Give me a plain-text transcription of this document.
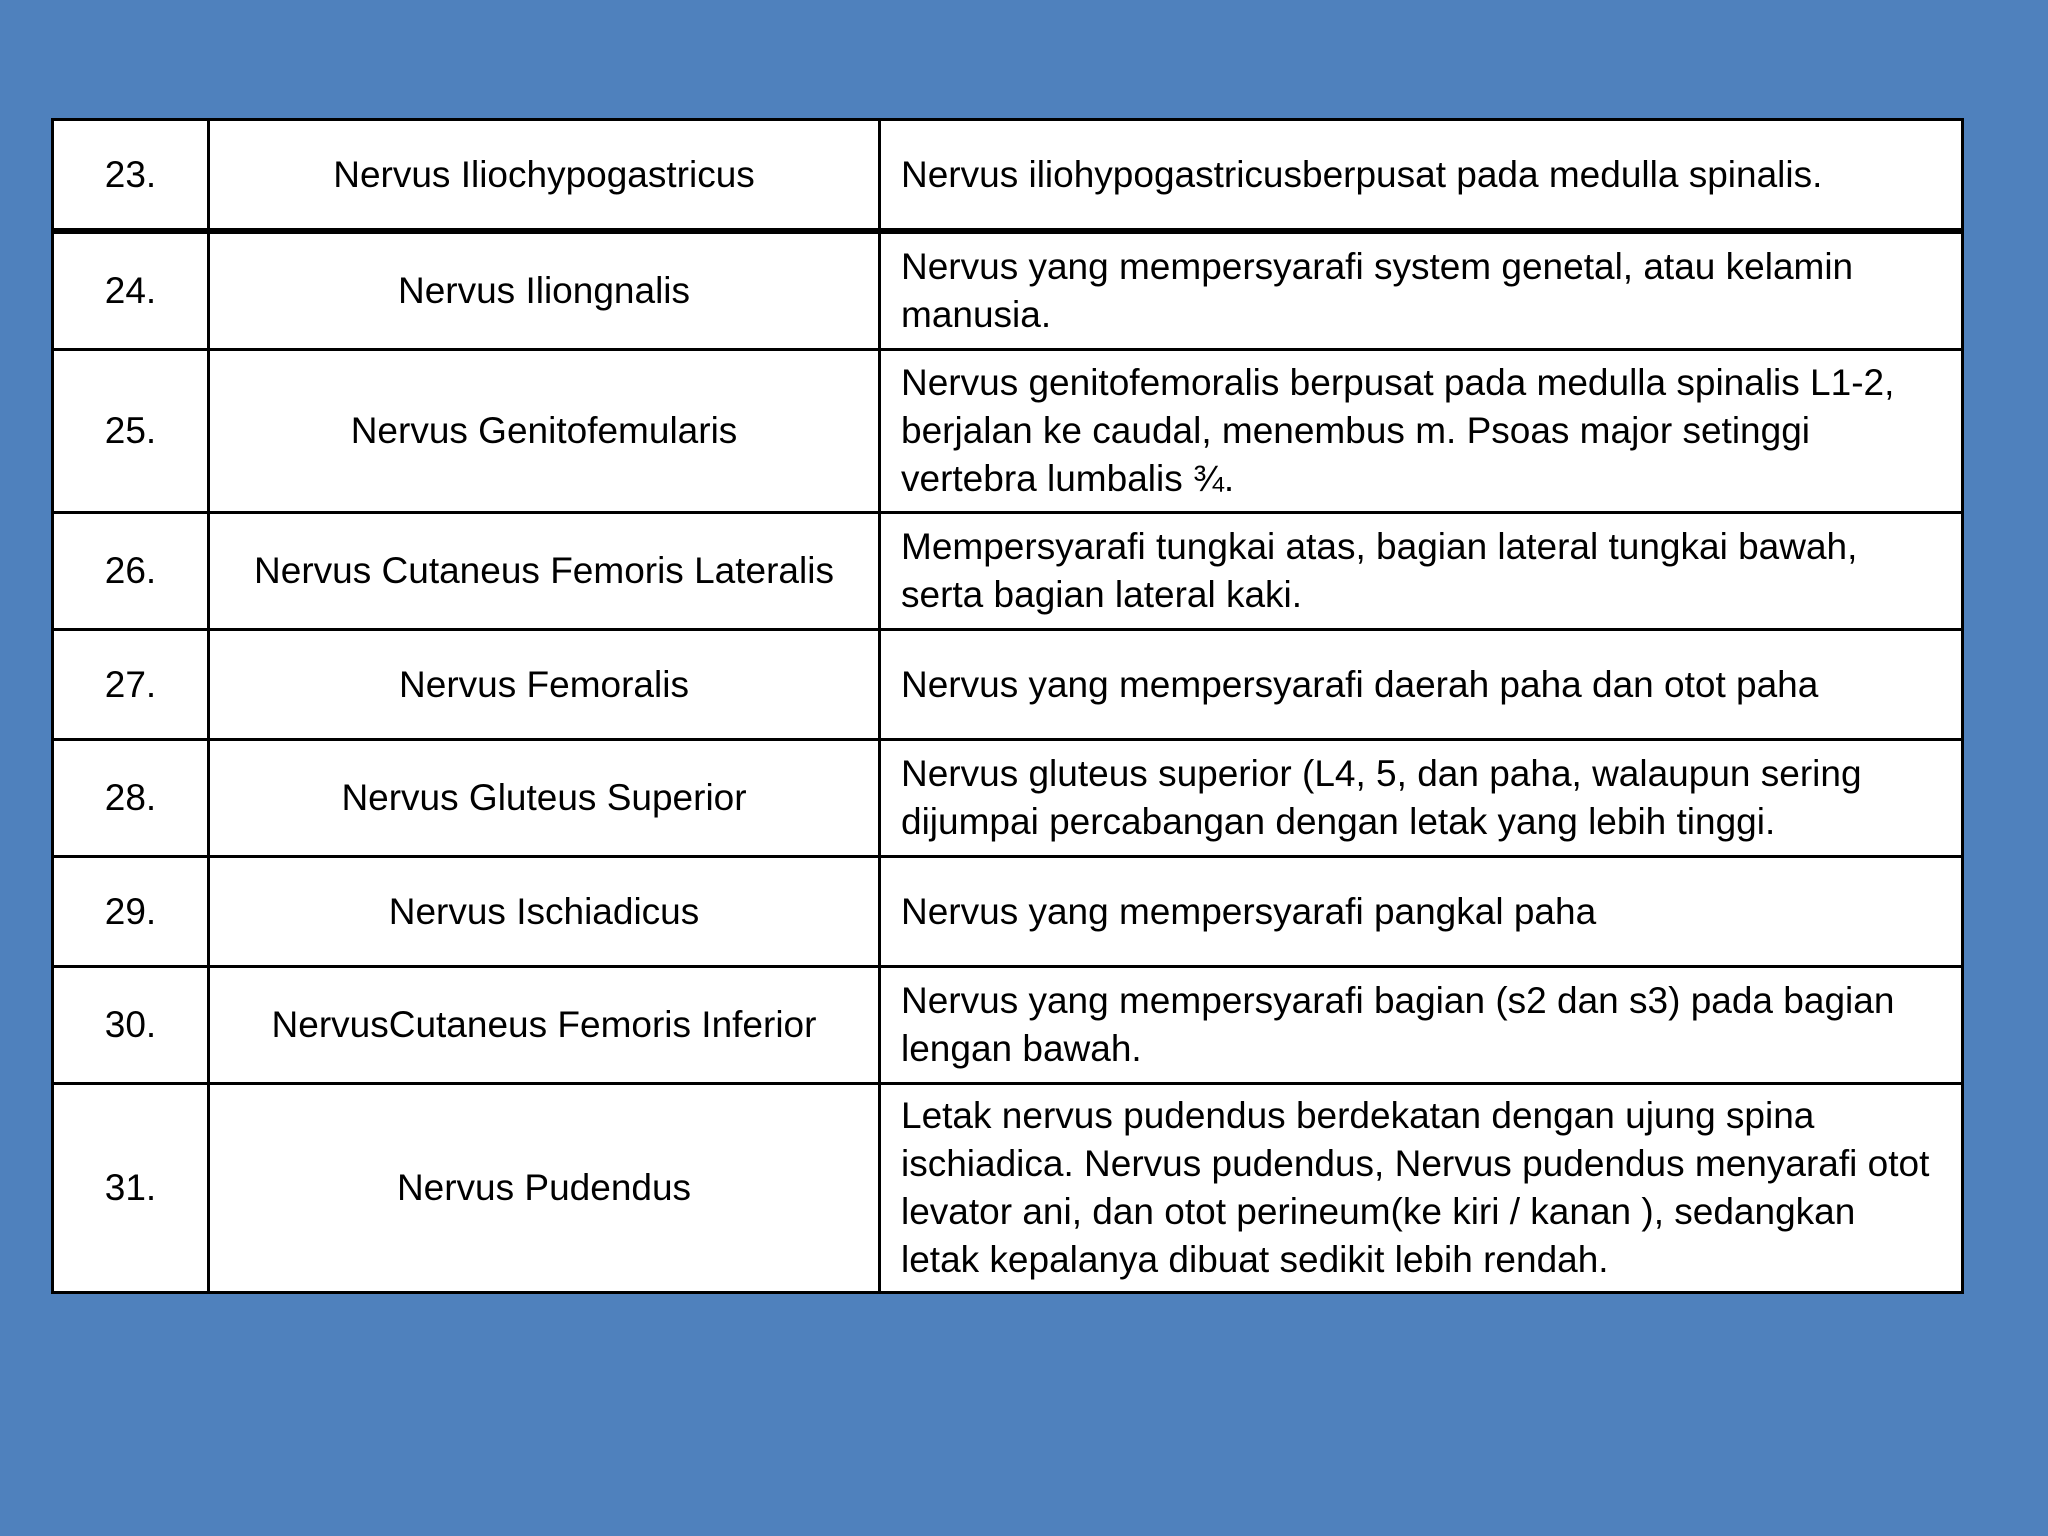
23.	Nervus Iliochypogastricus	Nervus iliohypogastricusberpusat pada medulla spinalis.
24.	Nervus Iliongnalis	Nervus yang mempersyarafi system genetal, atau kelamin manusia.
25.	Nervus Genitofemularis	Nervus genitofemoralis berpusat pada medulla spinalis L1-2, berjalan ke caudal, menembus m. Psoas major setinggi vertebra lumbalis ¾.
26.	Nervus Cutaneus Femoris Lateralis	Mempersyarafi tungkai atas, bagian lateral tungkai bawah, serta bagian lateral kaki.
27.	Nervus Femoralis	Nervus yang mempersyarafi daerah paha dan otot paha
28.	Nervus Gluteus Superior	Nervus gluteus superior (L4, 5, dan paha, walaupun sering dijumpai percabangan dengan letak yang lebih tinggi.
29.	Nervus Ischiadicus	Nervus yang mempersyarafi pangkal paha
30.	NervusCutaneus Femoris Inferior	Nervus yang mempersyarafi bagian (s2 dan s3) pada bagian lengan bawah.
31.	Nervus Pudendus	Letak nervus pudendus berdekatan dengan ujung spina ischiadica. Nervus pudendus, Nervus pudendus menyarafi otot levator ani, dan otot perineum(ke kiri / kanan ), sedangkan letak kepalanya dibuat sedikit lebih rendah.
